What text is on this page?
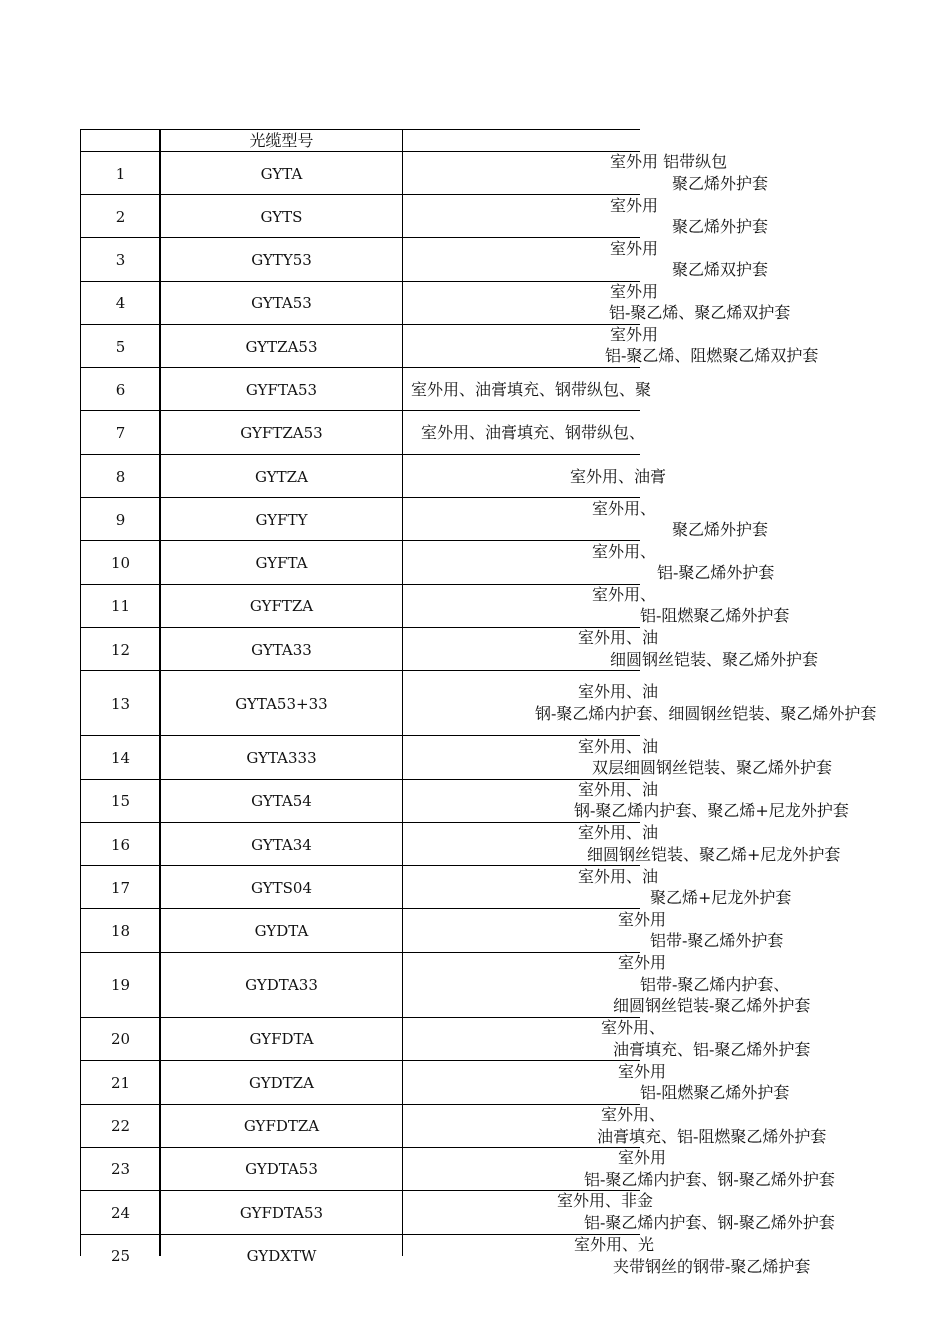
光缆型号
1	GYTA
室外用 铝带纵包
聚乙烯外护套
2	GYTS
室外用
聚乙烯外护套
3	GYTY53
室外用
聚乙烯双护套
4	GYTA53
室外用
铝-聚乙烯、聚乙烯双护套
5	GYTZA53
室外用
铝-聚乙烯、阻燃聚乙烯双护套
6	GYFTA53	室外用、油膏填充、钢带纵包、聚
7	GYFTZA53	室外用、油膏填充、钢带纵包、
8	GYTZA	室外用、油膏
9	GYFTY
室外用、
聚乙烯外护套
10	GYFTA
室外用、
铝-聚乙烯外护套
11	GYFTZA
室外用、
铝-阻燃聚乙烯外护套
12	GYTA33
室外用、油
细圆钢丝铠装、聚乙烯外护套
13	GYTA53+33
室外用、油
钢-聚乙烯内护套、细圆钢丝铠装、聚乙烯外护套
14	GYTA333
室外用、油
双层细圆钢丝铠装、聚乙烯外护套
15	GYTA54
室外用、油
钢-聚乙烯内护套、聚乙烯+尼龙外护套
16	GYTA34
室外用、油
细圆钢丝铠装、聚乙烯+尼龙外护套
17	GYTS04
室外用、油
聚乙烯+尼龙外护套
18	GYDTA
室外用
铝带-聚乙烯外护套
19	GYDTA33
室外用
铝带-聚乙烯内护套、
细圆钢丝铠装-聚乙烯外护套
20	GYFDTA
室外用、
油膏填充、铝-聚乙烯外护套
21	GYDTZA
室外用
铝-阻燃聚乙烯外护套
22	GYFDTZA
室外用、
油膏填充、铝-阻燃聚乙烯外护套
23	GYDTA53
室外用
铝-聚乙烯内护套、钢-聚乙烯外护套
24	GYFDTA53
室外用、非金
铝-聚乙烯内护套、钢-聚乙烯外护套
25	GYDXTW
室外用、光
夹带钢丝的钢带-聚乙烯护套
